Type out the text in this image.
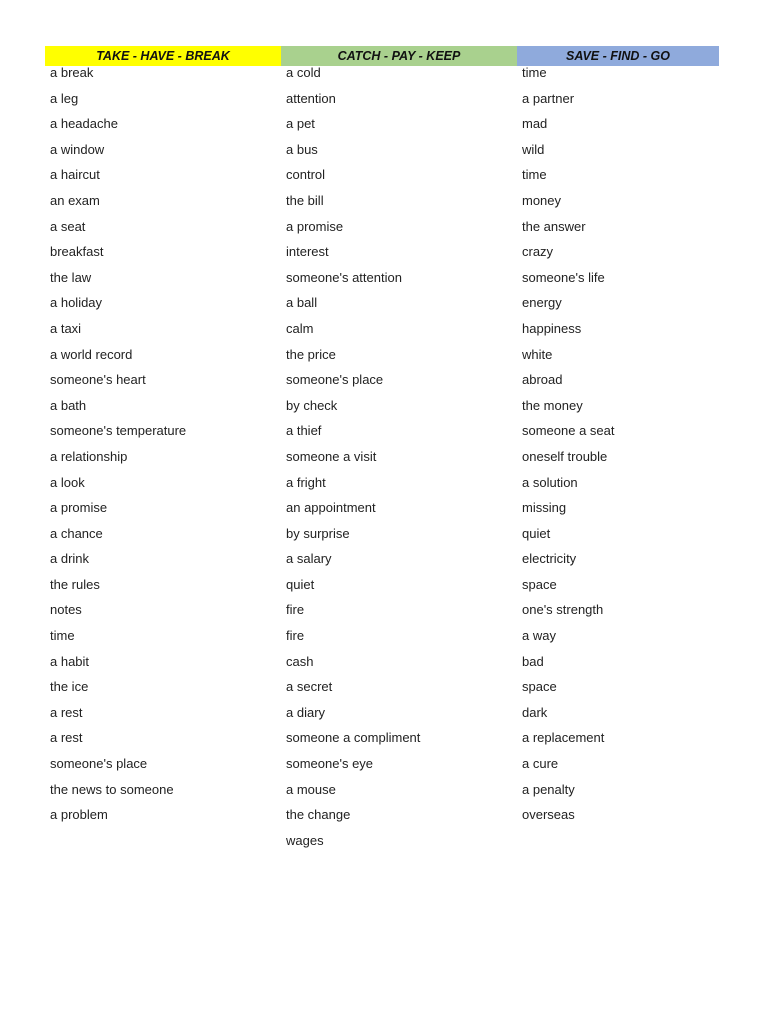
TAKE - HAVE - BREAK	CATCH - PAY - KEEP	SAVE - FIND - GO
a break
a leg
a headache
a window
a haircut
an exam
a seat
breakfast
the law
a holiday
a taxi
a world record
someone's heart
a bath
someone's temperature
a relationship
a look
a promise
a chance
a drink
the rules
notes
time
a habit
the ice
a rest
a rest
someone's place
the news to someone
a problem
a cold
attention
a pet
a bus
control
the bill
a promise
interest
someone's attention
a ball
calm
the price
someone's place
by check
a thief
someone a visit
a fright
an appointment
by surprise
a salary
quiet
fire
fire
cash
a secret
a diary
someone a compliment
someone's eye
a mouse
the change
wages
time
a partner
mad
wild
time
money
the answer
crazy
someone's life
energy
happiness
white
abroad
the money
someone a seat
oneself trouble
a solution
missing
quiet
electricity
space
one's strength
a way
bad
space
dark
a replacement
a cure
a penalty
overseas
